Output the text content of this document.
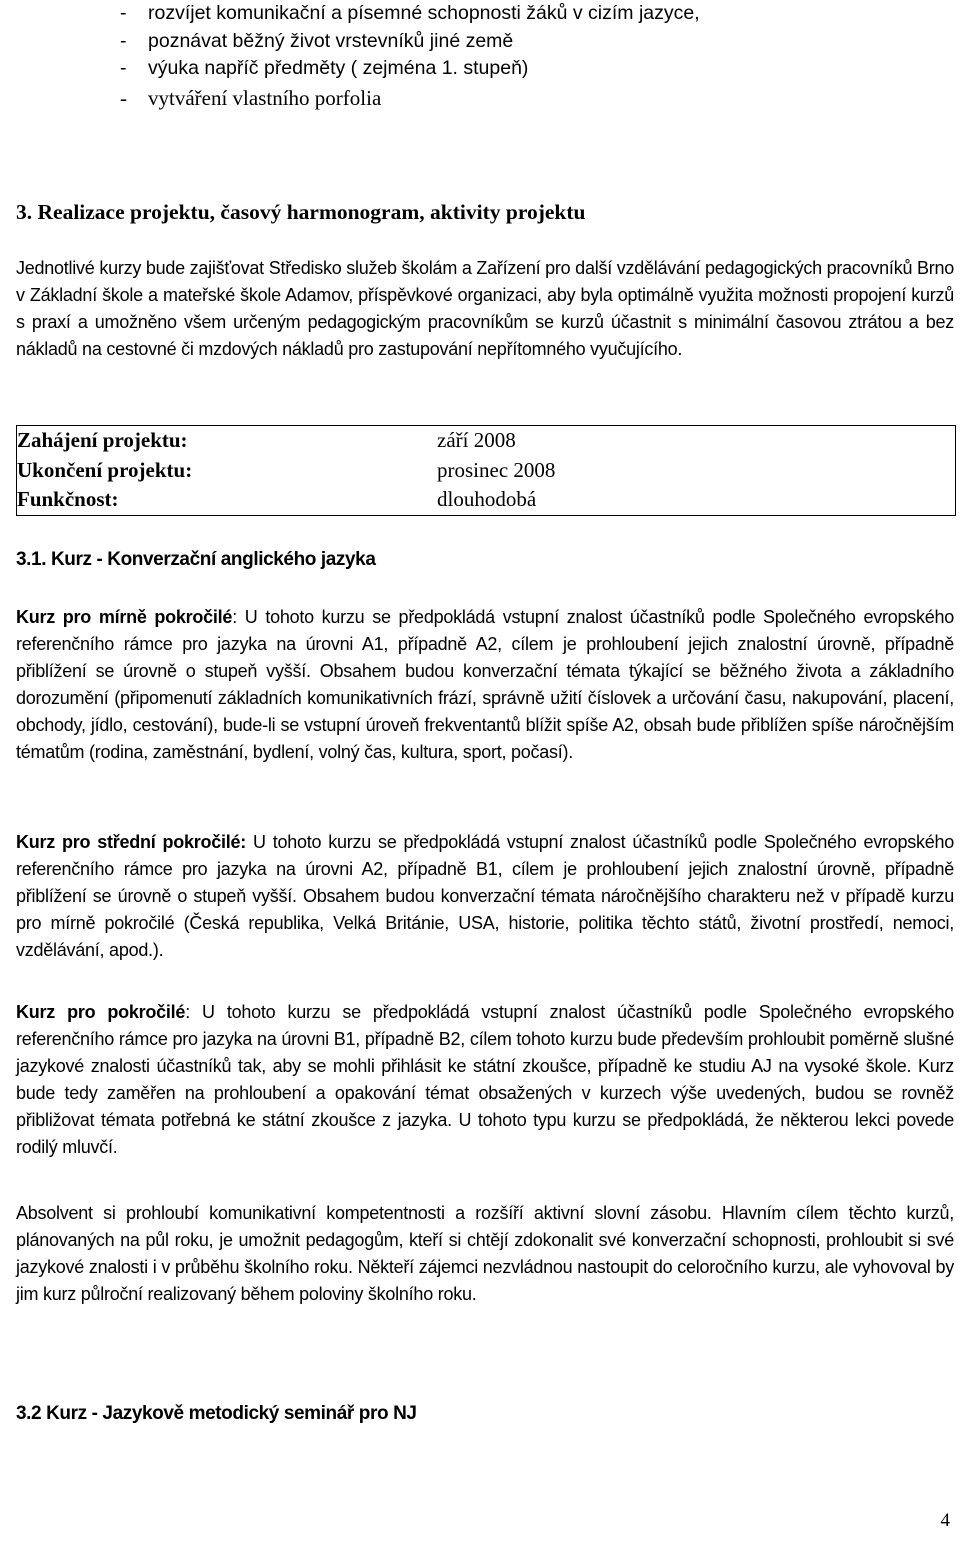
- rozvíjet komunikační a písemné schopnosti žáků v cizím jazyce,
- poznávat běžný život vrstevníků jiné země
- výuka napříč předměty ( zejména 1. stupeň)
- vytváření vlastního porfolia
3. Realizace projektu, časový harmonogram, aktivity projektu

Jednotlivé kurzy bude zajišťovat Středisko služeb školám a Zařízení pro další vzdělávání pedagogických pracovníků Brno v Základní škole a mateřské škole Adamov, příspěvkové organizaci, aby byla optimálně využita možnosti propojení kurzů s praxí a umožněno všem určeným pedagogickým pracovníkům se kurzů účastnit s minimální časovou ztrátou a bez nákladů na cestovné či mzdových nákladů pro zastupování nepřítomného vyučujícího.

Zahájení projektu:	září 2008
Ukončení projektu:	prosinec 2008
Funkčnost:	dlouhodobá
3.1. Kurz - Konverzační anglického jazyka

Kurz pro mírně pokročilé: U tohoto kurzu se předpokládá vstupní znalost účastníků podle Společného evropského referenčního rámce pro jazyka na úrovni A1, případně A2, cílem je prohloubení jejich znalostní úrovně, případně přiblížení se úrovně o stupeň vyšší. Obsahem budou konverzační témata týkající se běžného života a základního dorozumění (připomenutí základních komunikativních frází, správně užití číslovek a určování času, nakupování, placení, obchody, jídlo, cestování), bude-li se vstupní úroveň frekventantů blížit spíše A2, obsah bude přiblížen spíše náročnějším tématům (rodina, zaměstnání, bydlení, volný čas, kultura, sport, počasí).

Kurz pro střední pokročilé: U tohoto kurzu se předpokládá vstupní znalost účastníků podle Společného evropského referenčního rámce pro jazyka na úrovni A2, případně B1, cílem je prohloubení jejich znalostní úrovně, případně přiblížení se úrovně o stupeň vyšší. Obsahem budou konverzační témata náročnějšího charakteru než v případě kurzu pro mírně pokročilé (Česká republika, Velká Británie, USA, historie, politika těchto států, životní prostředí, nemoci, vzdělávání, apod.).

Kurz pro pokročilé: U tohoto kurzu se předpokládá vstupní znalost účastníků podle Společného evropského referenčního rámce pro jazyka na úrovni B1, případně B2, cílem tohoto kurzu bude především prohloubit poměrně slušné jazykové znalosti účastníků tak, aby se mohli přihlásit ke státní zkoušce, případně ke studiu AJ na vysoké škole. Kurz bude tedy zaměřen na prohloubení a opakování témat obsažených v kurzech výše uvedených, budou se rovněž přibližovat témata potřebná ke státní zkoušce z jazyka. U tohoto typu kurzu se předpokládá, že některou lekci povede rodilý mluvčí.

Absolvent si prohloubí komunikativní kompetentnosti a rozšíří aktivní slovní zásobu. Hlavním cílem těchto kurzů, plánovaných na půl roku, je umožnit pedagogům, kteří si chtějí zdokonalit své konverzační schopnosti, prohloubit si své jazykové znalosti i v průběhu školního roku. Někteří zájemci nezvládnou nastoupit do celoročního kurzu, ale vyhovoval by jim kurz půlroční realizovaný během poloviny školního roku.

3.2 Kurz - Jazykově metodický seminář pro NJ
4
